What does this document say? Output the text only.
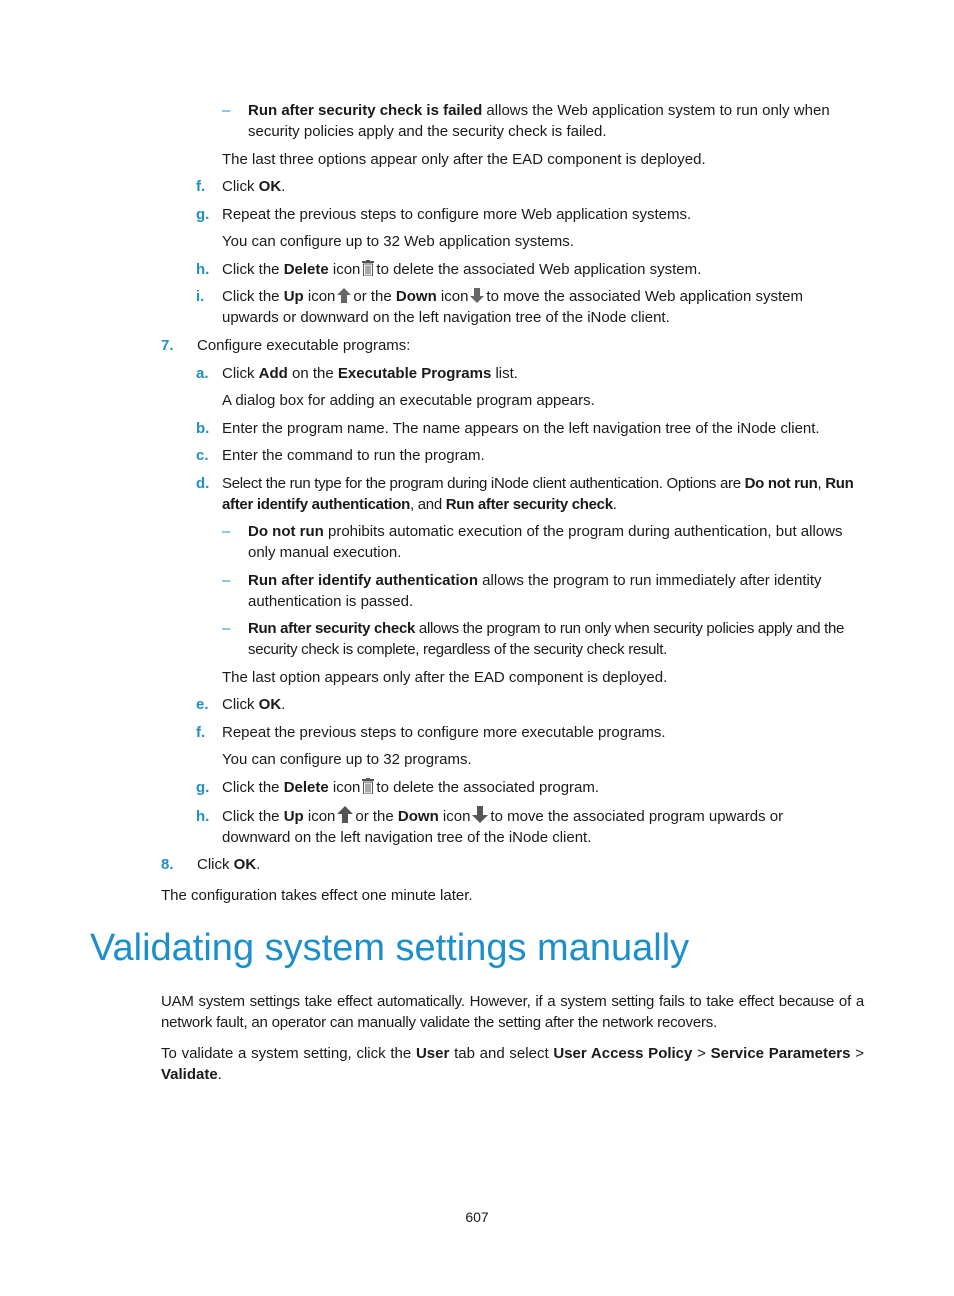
– Run after security check is failed allows the Web application system to run only when security policies apply and the security check is failed.

The last three options appear only after the EAD component is deployed.

f. Click OK.

g. Repeat the previous steps to configure more Web application systems.

You can configure up to 32 Web application systems.

h. Click the Delete icon to delete the associated Web application system.

i. Click the Up icon or the Down icon to move the associated Web application system upwards or downward on the left navigation tree of the iNode client.

7. Configure executable programs:

a. Click Add on the Executable Programs list.

A dialog box for adding an executable program appears.

b. Enter the program name. The name appears on the left navigation tree of the iNode client.

c. Enter the command to run the program.

d. Select the run type for the program during iNode client authentication. Options are Do not run, Run after identify authentication, and Run after security check.

– Do not run prohibits automatic execution of the program during authentication, but allows only manual execution.

– Run after identify authentication allows the program to run immediately after identity authentication is passed.

– Run after security check allows the program to run only when security policies apply and the security check is complete, regardless of the security check result.

The last option appears only after the EAD component is deployed.

e. Click OK.

f. Repeat the previous steps to configure more executable programs.

You can configure up to 32 programs.

g. Click the Delete icon to delete the associated program.

h. Click the Up icon or the Down icon to move the associated program upwards or downward on the left navigation tree of the iNode client.

8. Click OK.

The configuration takes effect one minute later.

Validating system settings manually

UAM system settings take effect automatically. However, if a system setting fails to take effect because of a network fault, an operator can manually validate the setting after the network recovers.

To validate a system setting, click the User tab and select User Access Policy > Service Parameters > Validate.

607
